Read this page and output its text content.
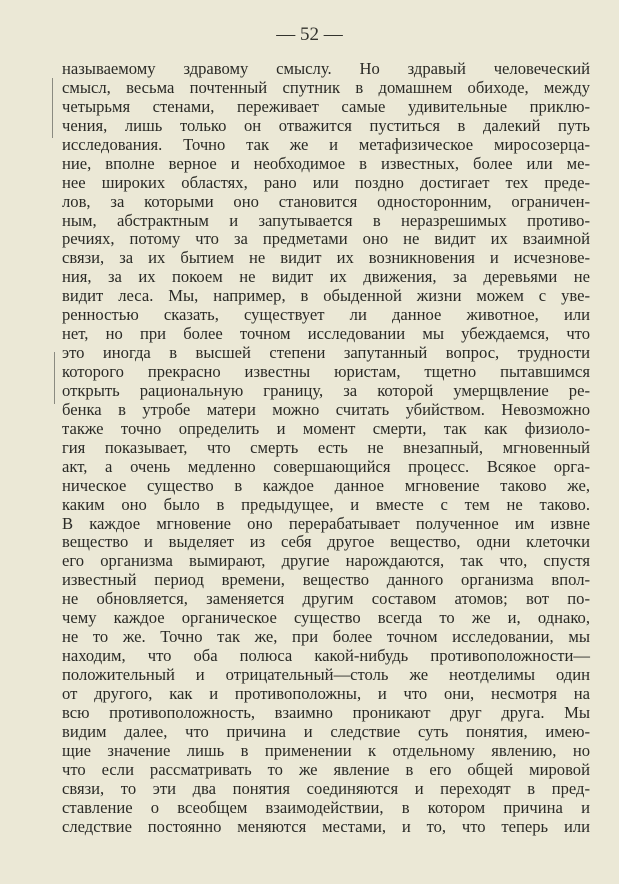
— 52 —
называемому здравому смыслу. Но здравый человеческий
смысл, весьма почтенный спутник в домашнем обиходе, между
четырьмя стенами, переживает самые удивительные приклю-
чения, лишь только он отважится пуститься в далекий путь
исследования. Точно так же и метафизическое миросозерца-
ние, вполне верное и необходимое в известных, более или ме-
нее широких областях, рано или поздно достигает тех преде-
лов, за которыми оно становится односторонним, ограничен-
ным, абстрактным и запутывается в неразрешимых противо-
речиях, потому что за предметами оно не видит их взаимной
связи, за их бытием не видит их возникновения и исчезнове-
ния, за их покоем не видит их движения, за деревьями не
видит леса. Мы, например, в обыденной жизни можем с уве-
ренностью сказать, существует ли данное животное, или
нет, но при более точном исследовании мы убеждаемся, что
это иногда в высшей степени запутанный вопрос, трудности
которого прекрасно известны юристам, тщетно пытавшимся
открыть рациональную границу, за которой умерщвление ре-
бенка в утробе матери можно считать убийством. Невозможно
также точно определить и момент смерти, так как физиоло-
гия показывает, что смерть есть не внезапный, мгновенный
акт, а очень медленно совершающийся процесс. Всякое орга-
ническое существо в каждое данное мгновение таково же,
каким оно было в предыдущее, и вместе с тем не таково.
В каждое мгновение оно перерабатывает полученное им извне
вещество и выделяет из себя другое вещество, одни клеточки
его организма вымирают, другие нарождаются, так что, спустя
известный период времени, вещество данного организма впол-
не обновляется, заменяется другим составом атомов; вот по-
чему каждое органическое существо всегда то же и, однако,
не то же. Точно так же, при более точном исследовании, мы
находим, что оба полюса какой-нибудь противоположности—
положительный и отрицательный—столь же неотделимы один
от другого, как и противоположны, и что они, несмотря на
всю противоположность, взаимно проникают друг друга. Мы
видим далее, что причина и следствие суть понятия, имею-
щие значение лишь в применении к отдельному явлению, но
что если рассматривать то же явление в его общей мировой
связи, то эти два понятия соединяются и переходят в пред-
ставление о всеобщем взаимодействии, в котором причина и
следствие постоянно меняются местами, и то, что теперь или
